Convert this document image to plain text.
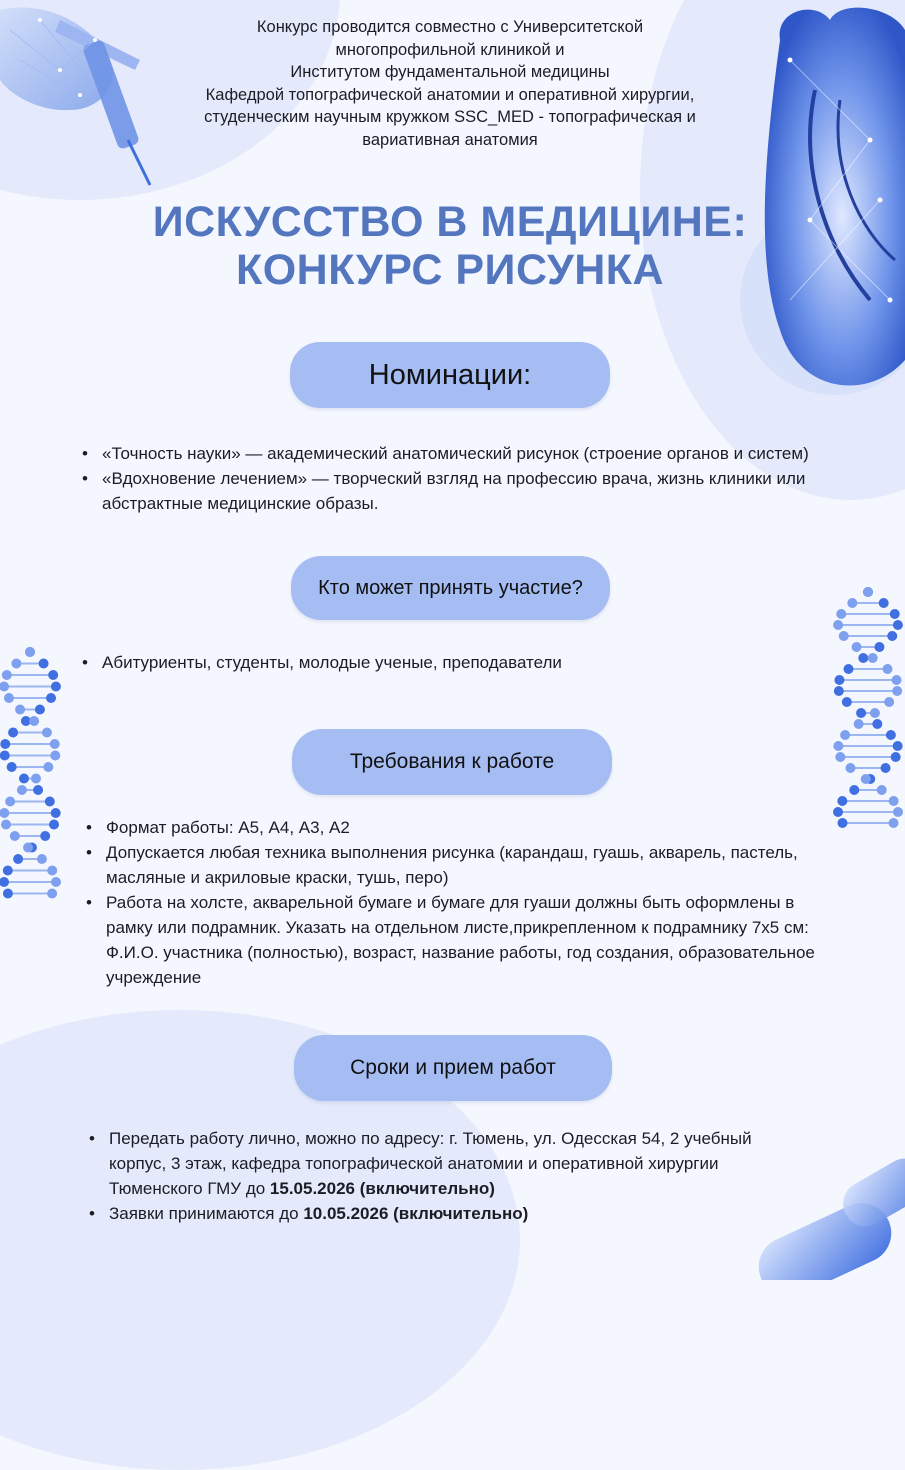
Конкурс проводится совместно с Университетской
многопрофильной клиникой и
Институтом фундаментальной медицины
Кафедрой топографической анатомии и оперативной хирургии,
студенческим научным кружком SSC_MED - топографическая и
вариативная анатомия
ИСКУССТВО В МЕДИЦИНЕ:
КОНКУРС РИСУНКА
Номинации:
• «Точность науки» — академический анатомический рисунок (строение органов и систем)
• «Вдохновение лечением» — творческий взгляд на профессию врача, жизнь клиники или абстрактные медицинские образы.
Кто может принять участие?
• Абитуриенты, студенты, молодые ученые, преподаватели
Требования к работе
• Формат работы: А5, А4, А3, А2
• Допускается любая техника выполнения рисунка (карандаш, гуашь, акварель, пастель, масляные и акриловые краски, тушь, перо)
• Работа на холсте, акварельной бумаге и бумаге для гуаши должны быть оформлены в рамку или подрамник. Указать на отдельном листе,прикрепленном к подрамнику 7х5 см: Ф.И.О. участника (полностью), возраст, название работы, год создания, образовательное учреждение
Сроки и прием работ
• Передать работу лично, можно по адресу: г. Тюмень, ул. Одесская 54, 2 учебный корпус, 3 этаж, кафедра топографической анатомии и оперативной хирургии Тюменского ГМУ до 15.05.2026 (включительно)
• Заявки принимаются до 10.05.2026 (включительно)
